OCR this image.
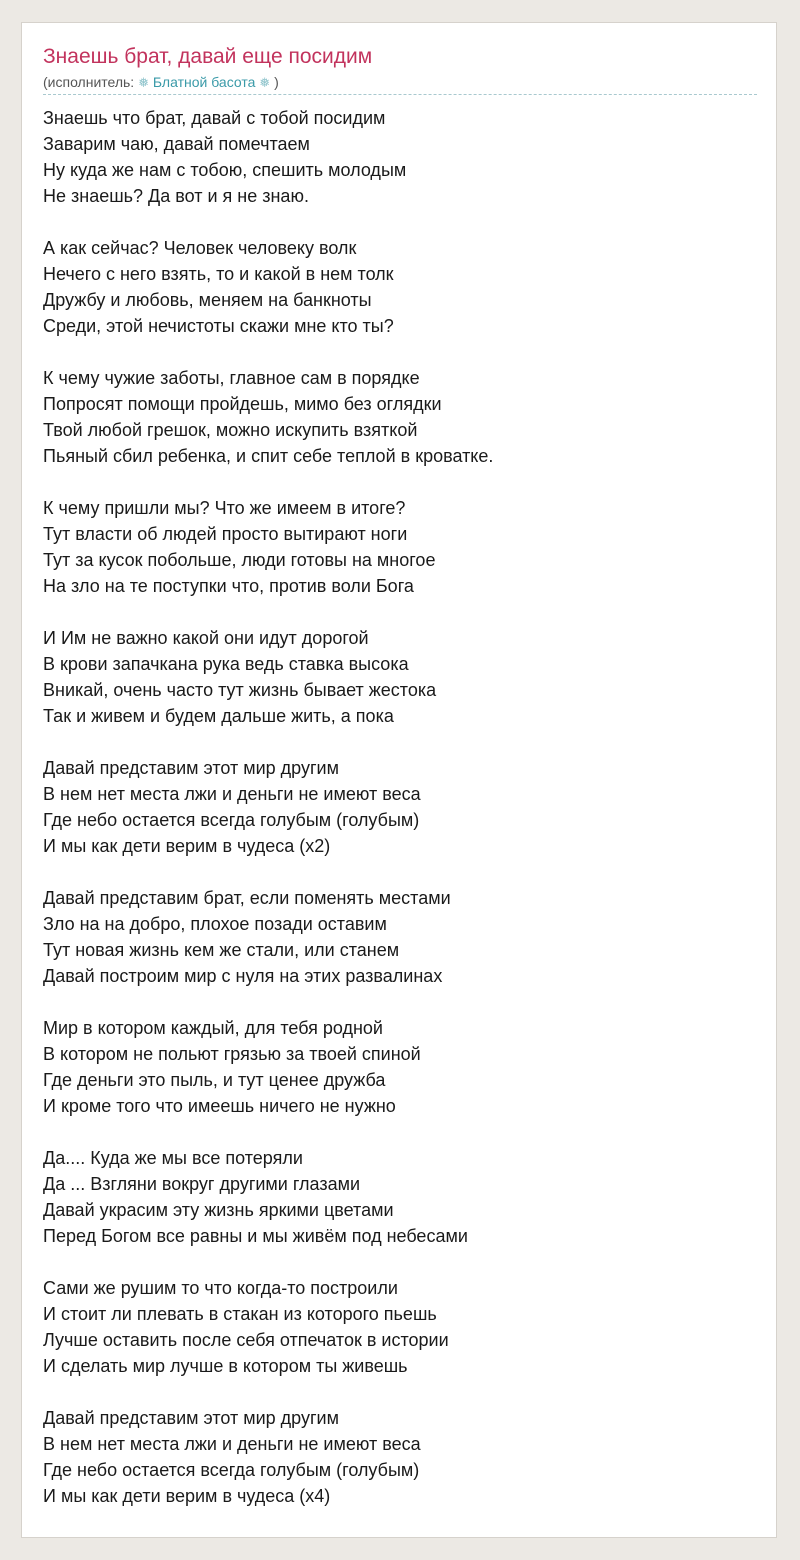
Знаешь брат, давай еще посидим
(исполнитель: ❅ Блатной басота ❅ )
Знаешь что брат, давай с тобой посидим
Заварим чаю, давай помечтаем
Ну куда же нам с тобою, спешить молодым
Не знаешь? Да вот и я не знаю.
А как сейчас? Человек человеку волк
Нечего с него взять, то и какой в нем толк
Дружбу и любовь, меняем на банкноты
Среди, этой нечистоты скажи мне кто ты?
К чему чужие заботы, главное сам в порядке
Попросят помощи пройдешь, мимо без оглядки
Твой любой грешок, можно искупить взяткой
Пьяный сбил ребенка, и спит себе теплой в кроватке.
К чему пришли мы? Что же имеем в итоге?
Тут власти об людей просто вытирают ноги
Тут за кусок побольше, люди готовы на многое
На зло на те поступки что, против воли Бога
И Им не важно какой они идут дорогой
В крови запачкана рука ведь ставка высока
Вникай, очень часто тут жизнь бывает жестока
Так и живем и будем дальше жить, а пока
Давай представим этот мир другим
В нем нет места лжи и деньги не имеют веса
Где небо остается всегда голубым (голубым)
И мы как дети верим в чудеса (x2)
Давай представим брат, если поменять местами
Зло на на добро, плохое позади оставим
Тут новая жизнь кем же стали, или станем
Давай построим мир с нуля на этих развалинах
Мир в котором каждый, для тебя родной
В котором не польют грязью за твоей спиной
Где деньги это пыль, и тут ценее дружба
И кроме того что имеешь ничего не нужно
Да.... Куда же мы все потеряли
Да ... Взгляни вокруг другими глазами
Давай украсим эту жизнь яркими цветами
Перед Богом все равны и мы живём под небесами
Сами же рушим то что когда-то построили
И стоит ли плевать в стакан из которого пьешь
Лучше оставить после себя отпечаток в истории
И сделать мир лучше в котором ты живешь
Давай представим этот мир другим
В нем нет места лжи и деньги не имеют веса
Где небо остается всегда голубым (голубым)
И мы как дети верим в чудеса (x4)
